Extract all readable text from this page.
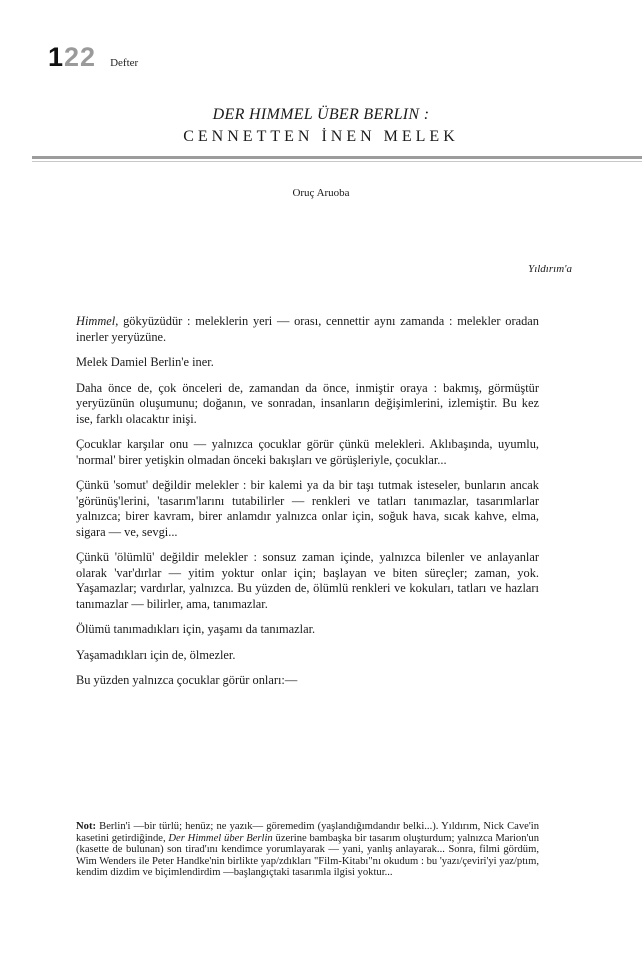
122 Defter
DER HIMMEL ÜBER BERLIN :
CENNETTEN İNEN MELEK
Oruç Aruoba
Yıldırım'a

Himmel, gökyüzüdür : meleklerin yeri — orası, cennettir aynı zamanda : melekler oradan inerler yeryüzüne.

Melek Damiel Berlin'e iner.

Daha önce de, çok önceleri de, zamandan da önce, inmiştir oraya : bakmış, görmüştür yeryüzünün oluşumunu; doğanın, ve sonradan, insanların değişimlerini, izlemiştir. Bu kez ise, farklı olacaktır inişi.

Çocuklar karşılar onu — yalnızca çocuklar görür çünkü melekleri. Aklıbaşında, uyumlu, 'normal' birer yetişkin olmadan önceki bakışları ve görüşleriyle, çocuklar...

Çünkü 'somut' değildir melekler : bir kalemi ya da bir taşı tutmak isteseler, bunların ancak 'görünüş'lerini, 'tasarım'larını tutabilirler — renkleri ve tatları tanımazlar, tasarımlarlar yalnızca; birer kavram, birer anlamdır yalnızca onlar için, soğuk hava, sıcak kahve, elma, sigara — ve, sevgi...

Çünkü 'ölümlü' değildir melekler : sonsuz zaman içinde, yalnızca bilenler ve anlayanlar olarak 'var'dırlar — yitim yoktur onlar için; başlayan ve biten süreçler; zaman, yok. Yaşamazlar; vardırlar, yalnızca. Bu yüzden de, ölümlü renkleri ve kokuları, tatları ve hazları tanımazlar — bilirler, ama, tanımazlar.

Ölümü tanımadıkları için, yaşamı da tanımazlar.

Yaşamadıkları için de, ölmezler.

Bu yüzden yalnızca çocuklar görür onları:—

Not: Berlin'i —bir türlü; henüz; ne yazık— göremedim (yaşlandığımdandır belki...). Yıldırım, Nick Cave'in kasetini getirdiğinde, Der Himmel über Berlin üzerine bambaşka bir tasarım oluşturdum; yalnızca Marion'un (kasette de bulunan) son tirad'ını kendimce yorumlayarak — yani, yanlış anlayarak... Sonra, filmi gördüm, Wim Wenders ile Peter Handke'nin birlikte yap/zdıkları "Film-Kitabı"nı okudum : bu 'yazı/çeviri'yi yaz/ptım, kendim dizdim ve biçimlendirdim —başlangıçtaki tasarımla ilgisi yoktur...
